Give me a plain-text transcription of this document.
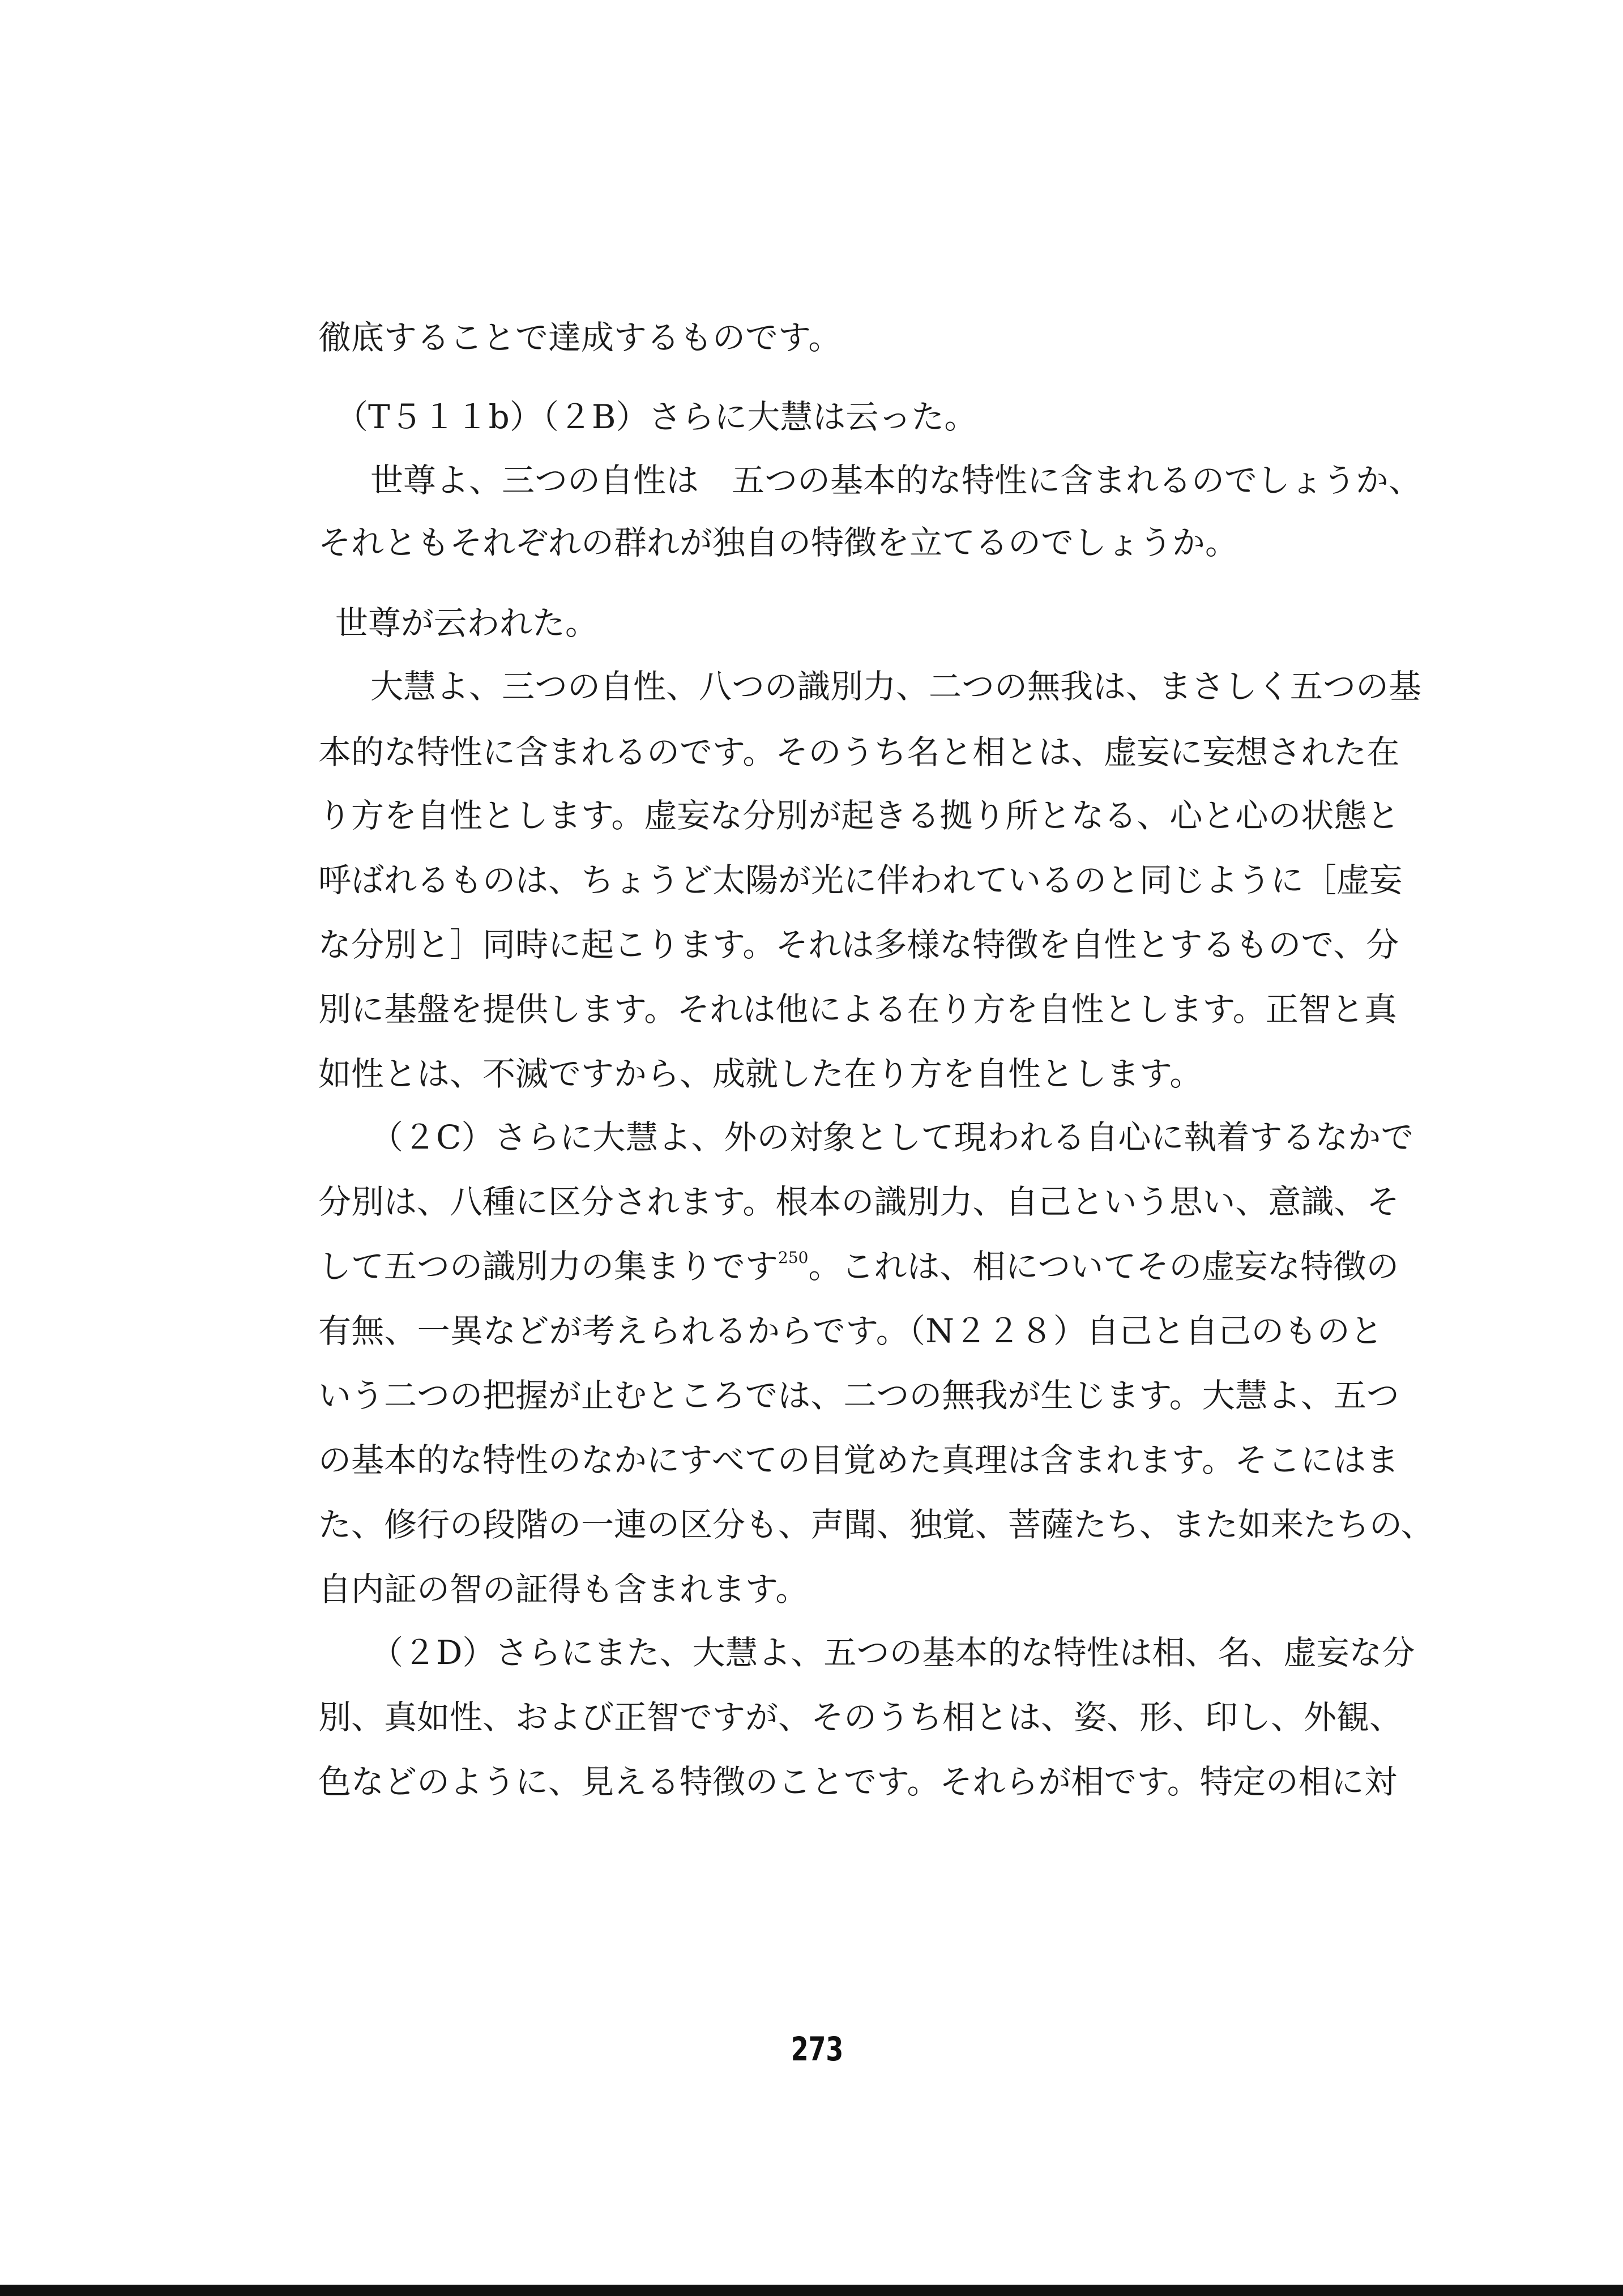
徹底することで達成するものです。
（T５１１b）（２B）さらに大慧は云った。
世尊よ、三つの自性は　五つの基本的な特性に含まれるのでしょうか、
それともそれぞれの群れが独自の特徴を立てるのでしょうか。
世尊が云われた。
大慧よ、三つの自性、八つの識別力、二つの無我は、まさしく五つの基
本的な特性に含まれるのです。そのうち名と相とは、虚妄に妄想された在
り方を自性とします。虚妄な分別が起きる拠り所となる、心と心の状態と
呼ばれるものは、ちょうど太陽が光に伴われているのと同じように［虚妄
な分別と］同時に起こります。それは多様な特徴を自性とするもので、分
別に基盤を提供します。それは他による在り方を自性とします。正智と真
如性とは、不滅ですから、成就した在り方を自性とします。
（２C）さらに大慧よ、外の対象として現われる自心に執着するなかで
分別は、八種に区分されます。根本の識別力、自己という思い、意識、そ
して五つの識別力の集まりです$^{250}$。これは、相についてその虚妄な特徴の
有無、一異などが考えられるからです。（N２２８）自己と自己のものと
いう二つの把握が止むところでは、二つの無我が生じます。大慧よ、五つ
の基本的な特性のなかにすべての目覚めた真理は含まれます。そこにはま
た、修行の段階の一連の区分も、声聞、独覚、菩薩たち、また如来たちの、
自内証の智の証得も含まれます。
（２D）さらにまた、大慧よ、五つの基本的な特性は相、名、虚妄な分
別、真如性、および正智ですが、そのうち相とは、姿、形、印し、外観、
色などのように、見える特徴のことです。それらが相です。特定の相に対
273
